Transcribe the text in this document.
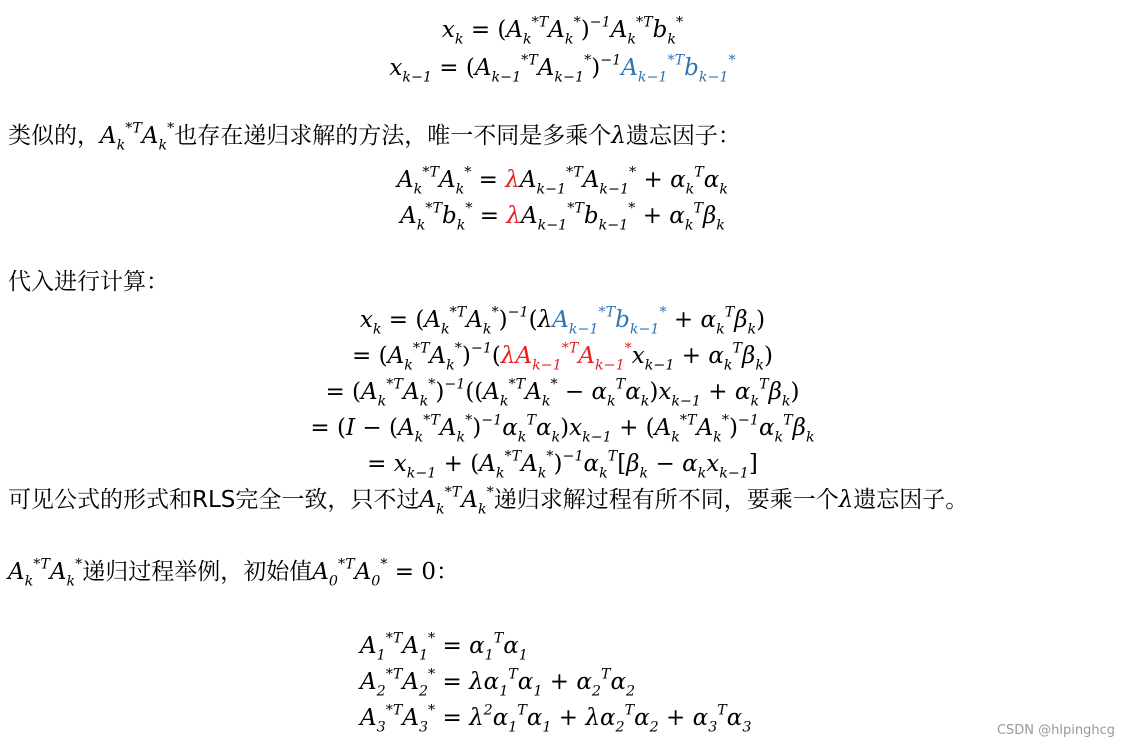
$x_k = (A_k^{*T}A_k^*)^{-1}A_k^{*T}b_k^*$
$x_{k-1} = (A_{k-1}^{*T}A_{k-1}^*)^{-1}A_{k-1}^{*T}b_{k-1}^*$
类似的，$A_k^{*T}A_k^*$也存在递归求解的方法，唯一不同是多乘个λ遗忘因子：
$A_k^{*T}A_k^* = \lambda A_{k-1}^{*T}A_{k-1}^* + \alpha_k^T\alpha_k$
$A_k^{*T}b_k^* = \lambda A_{k-1}^{*T}b_{k-1}^* + \alpha_k^T\beta_k$
代入进行计算：
$x_k = (A_k^{*T}A_k^*)^{-1}(\lambda A_{k-1}^{*T}b_{k-1}^* + \alpha_k^T\beta_k)$
= $(A_k^{*T}A_k^*)^{-1}(\lambda A_{k-1}^{*T}A_{k-1}^*x_{k-1} + \alpha_k^T\beta_k)$
= $(A_k^{*T}A_k^*)^{-1}((A_k^{*T}A_k^* - \alpha_k^T\alpha_k)x_{k-1} + \alpha_k^T\beta_k)$
= $(I - (A_k^{*T}A_k^*)^{-1}\alpha_k^T\alpha_k)x_{k-1} + (A_k^{*T}A_k^*)^{-1}\alpha_k^T\beta_k$
= $x_{k-1} + (A_k^{*T}A_k^*)^{-1}\alpha_k^T[\beta_k - \alpha_kx_{k-1}]$
可见公式的形式和RLS完全一致，只不过$A_k^{*T}A_k^*$递归求解过程有所不同，要乘一个λ遗忘因子。
$A_k^{*T}A_k^*$递归过程举例，初始值$A_0^{*T}A_0^* = 0$：
$A_1^{*T}A_1^* = \alpha_1^T\alpha_1$
$A_2^{*T}A_2^* = \lambda\alpha_1^T\alpha_1 + \alpha_2^T\alpha_2$
$A_3^{*T}A_3^* = \lambda^2\alpha_1^T\alpha_1 + \lambda\alpha_2^T\alpha_2 + \alpha_3^T\alpha_3$	CSDN @hlpinghcg
